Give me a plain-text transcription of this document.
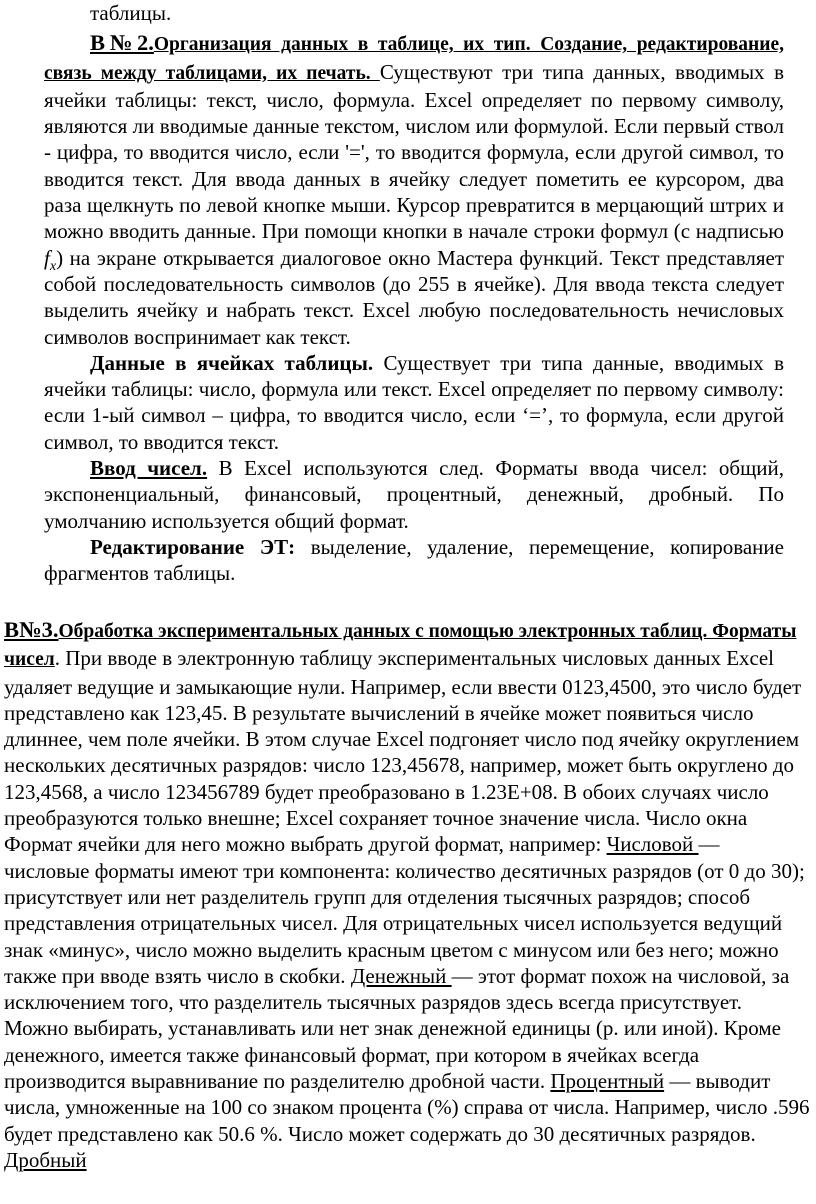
таблицы.

В№2.Организация данных в таблице, их тип. Создание, редактирование, связь между таблицами, их печать. Существуют три типа данных, вводимых в ячейки таблицы: текст, число, формула. Excel определяет по первому символу, являются ли вводимые данные текстом, числом или формулой. Если первый ствол - цифра, то вводится число, если '=', то вводится формула, если другой символ, то вводится текст. Для ввода данных в ячейку следует пометить ее курсором, два раза щелкнуть по левой кнопке мыши. Курсор превратится в мерцающий штрих и можно вводить данные. При помощи кнопки в начале строки формул (с надписью $f_x$) на экране открывается диалоговое окно Мастера функций. Текст представляет собой последовательность символов (до 255 в ячейке). Для ввода текста следует выделить ячейку и набрать текст. Excel любую последовательность нечисловых символов воспринимает как текст.

Данные в ячейках таблицы. Существует три типа данные, вводимых в ячейки таблицы: число, формула или текст. Excel определяет по первому символу: если 1-ый символ – цифра, то вводится число, если ‘=’, то формула, если другой символ, то вводится текст.

Ввод чисел. В Excel используются след. Форматы ввода чисел: общий, экспоненциальный, финансовый, процентный, денежный, дробный. По умолчанию используется общий формат.

Редактирование ЭТ: выделение, удаление, перемещение, копирование фрагментов таблицы.

В№3.Обработка экспериментальных данных с помощью электронных таблиц. Форматы чисел. При вводе в электронную таблицу экспериментальных числовых данных Excel удаляет ведущие и замыкающие нули. Например, если ввести 0123,4500, это число будет представлено как 123,45. В результате вычислений в ячейке может появиться число длиннее, чем поле ячейки. В этом случае Excel подгоняет число под ячейку округлением нескольких десятичных разрядов: число 123,45678, например, может быть округлено до 123,4568, а число 123456789 будет преобразовано в 1.23E+08. В обоих случаях число преобразуются только внешне; Excel сохраняет точное значение числа. Число окна Формат ячейки для него можно выбрать другой формат, например: Числовой — числовые форматы имеют три компонента: количество десятичных разрядов (от 0 до 30); присутствует или нет разделитель групп для отделения тысячных разрядов; способ представления отрицательных чисел. Для отрицательных чисел используется ведущий знак «минус», число можно выделить красным цветом с минусом или без него; можно также при вводе взять число в скобки. Денежный — этот формат похож на числовой, за исключением того, что разделитель тысячных разрядов здесь всегда присутствует. Можно выбирать, устанавливать или нет знак денежной единицы (р. или иной). Кроме денежного, имеется также финансовый формат, при котором в ячейках всегда производится выравнивание по разделителю дробной части. Процентный — выводит числа, умноженные на 100 со знаком процента (%) справа от числа. Например, число .596 будет представлено как 50.6 %. Число может содержать до 30 десятичных разрядов. Дробный
